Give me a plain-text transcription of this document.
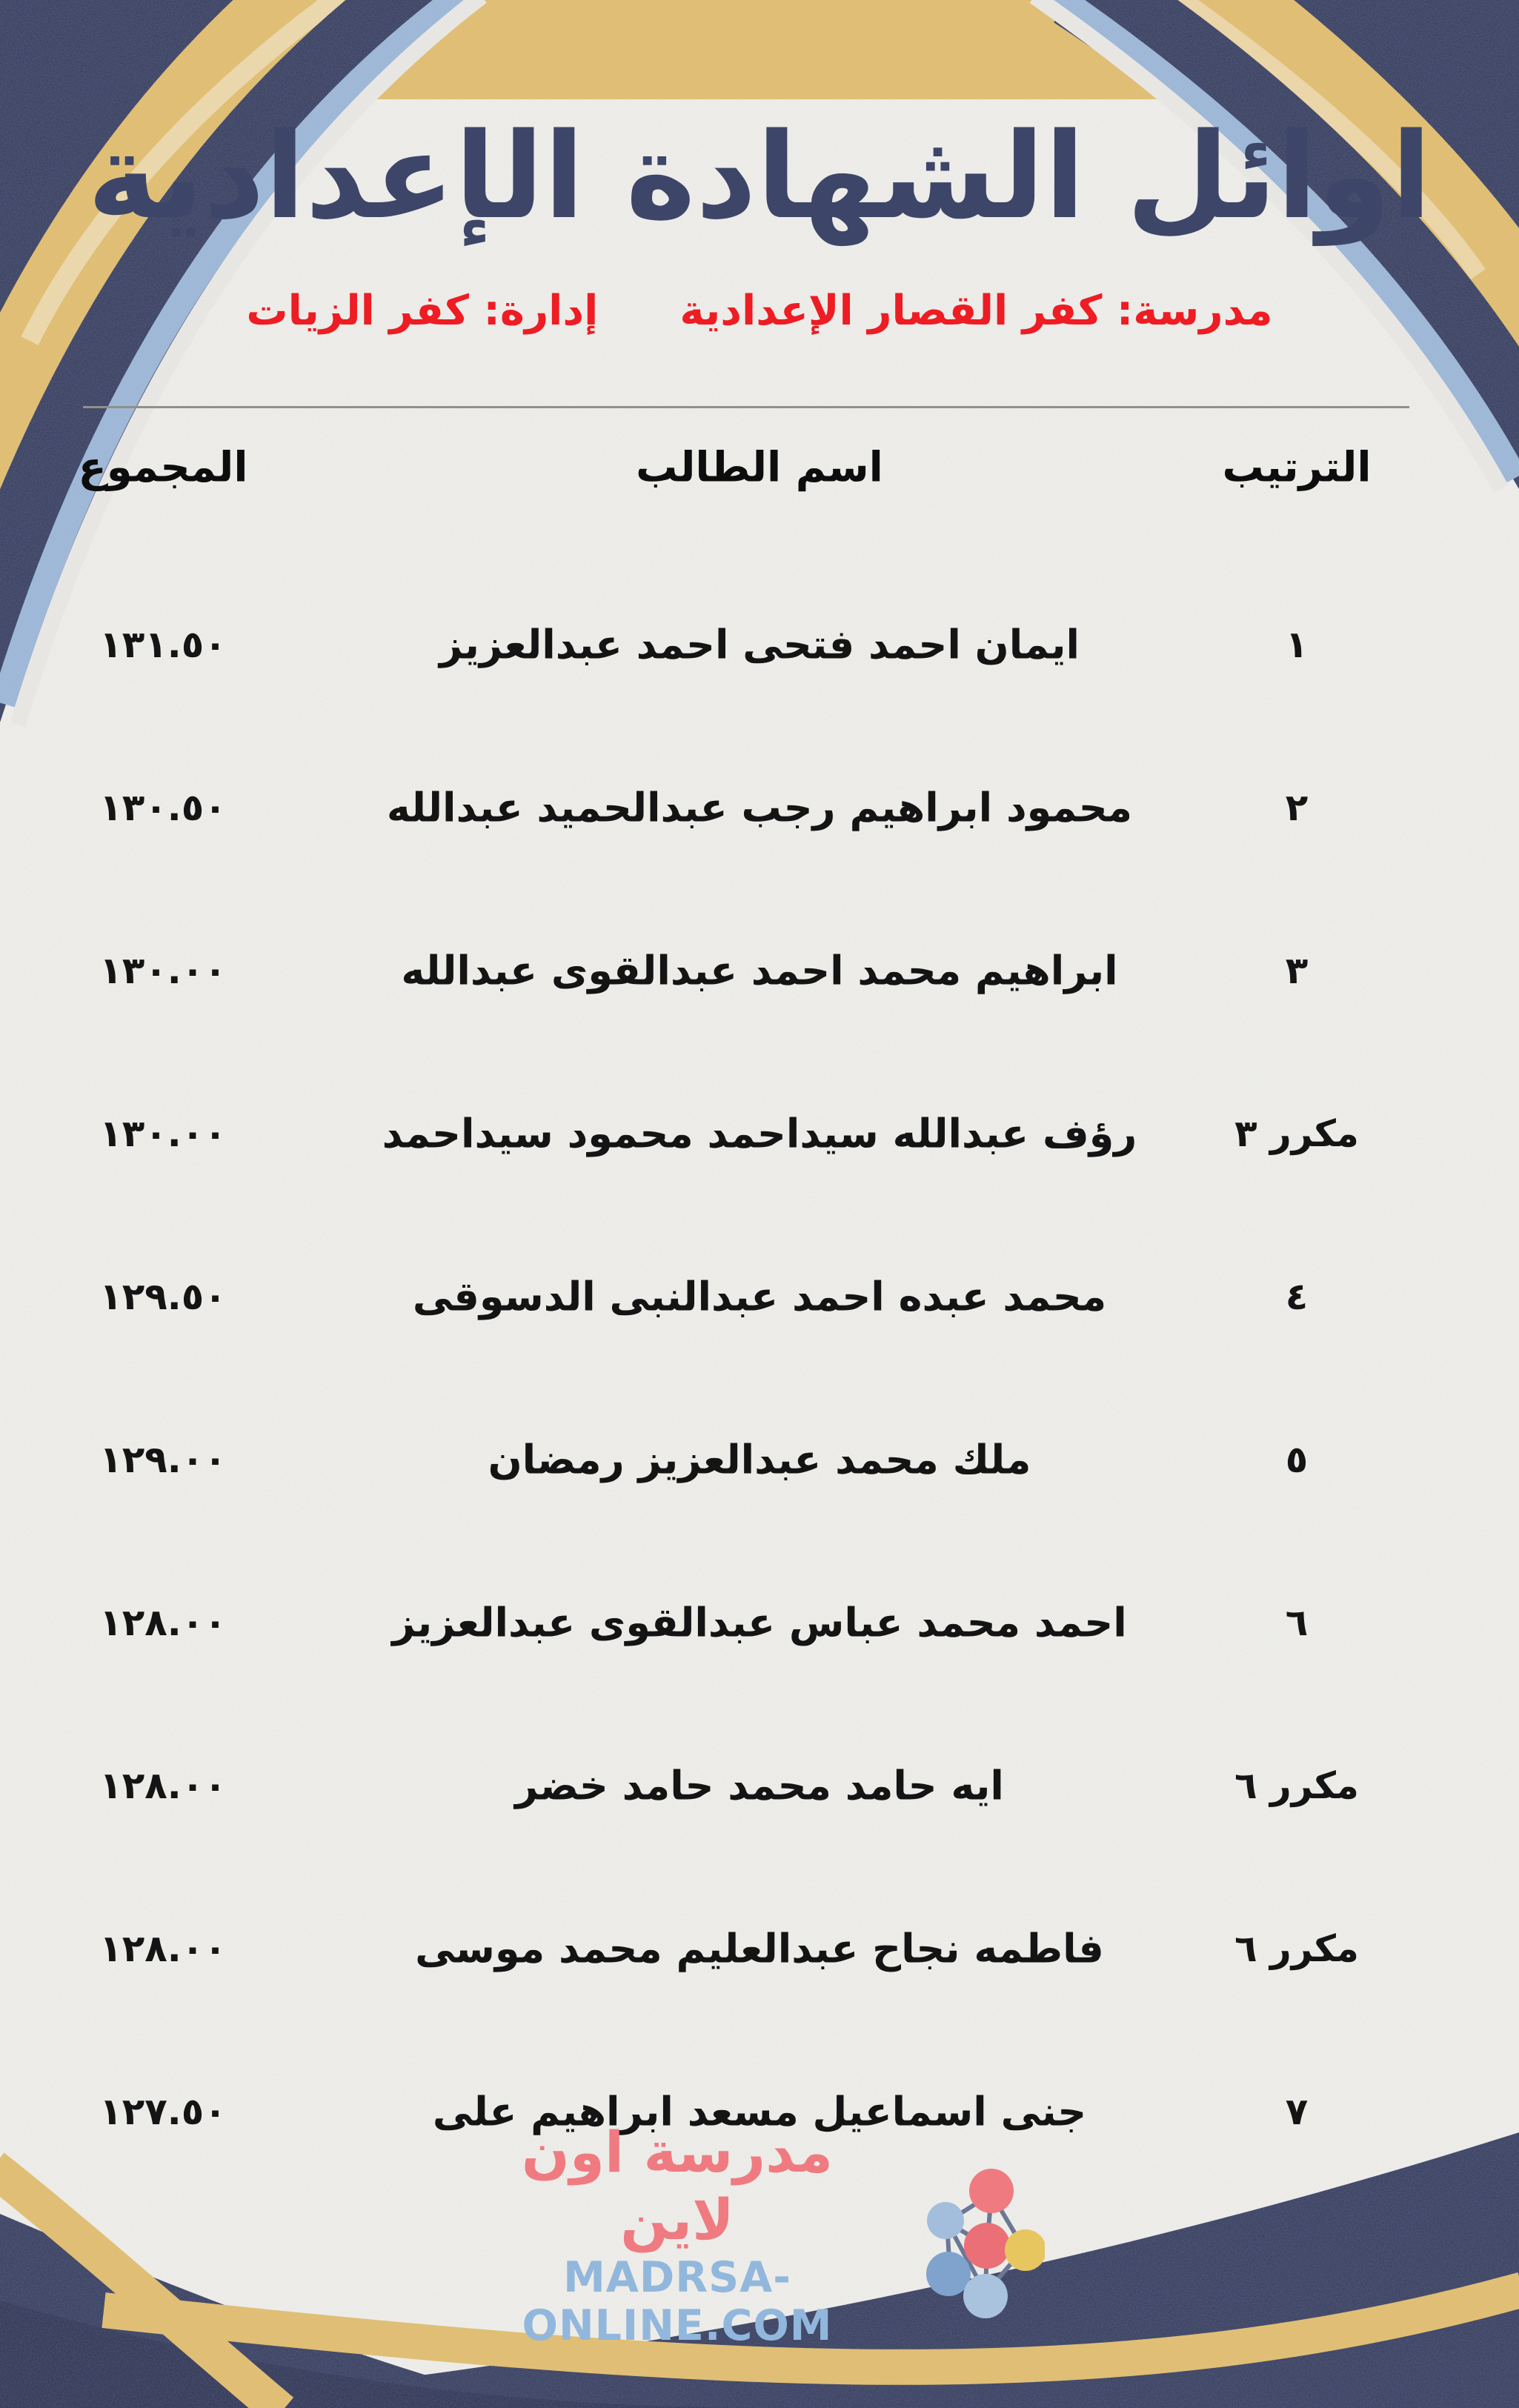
اوائل الشهادة الإعدادية
مدرسة: كفر القصار الإعدادية
إدارة: كفر الزيات
الترتيب
اسم الطالب
المجموع
١
ايمان احمد فتحى احمد عبدالعزيز
١٣١.٥٠
٢
محمود ابراهيم رجب عبدالحميد عبدالله
١٣٠.٥٠
٣
ابراهيم محمد احمد عبدالقوى عبدالله
١٣٠.٠٠
مكرر ٣
رؤف عبدالله سيداحمد محمود سيداحمد
١٣٠.٠٠
٤
محمد عبده احمد عبدالنبى الدسوقى
١٢٩.٥٠
٥
ملك محمد عبدالعزيز رمضان
١٢٩.٠٠
٦
احمد محمد عباس عبدالقوى عبدالعزيز
١٢٨.٠٠
مكرر ٦
ايه حامد محمد حامد خضر
١٢٨.٠٠
مكرر ٦
فاطمه نجاح عبدالعليم محمد موسى
١٢٨.٠٠
٧
جنى اسماعيل مسعد ابراهيم على
١٢٧.٥٠
مدرسة اون لاين
MADRSA-ONLINE.COM
